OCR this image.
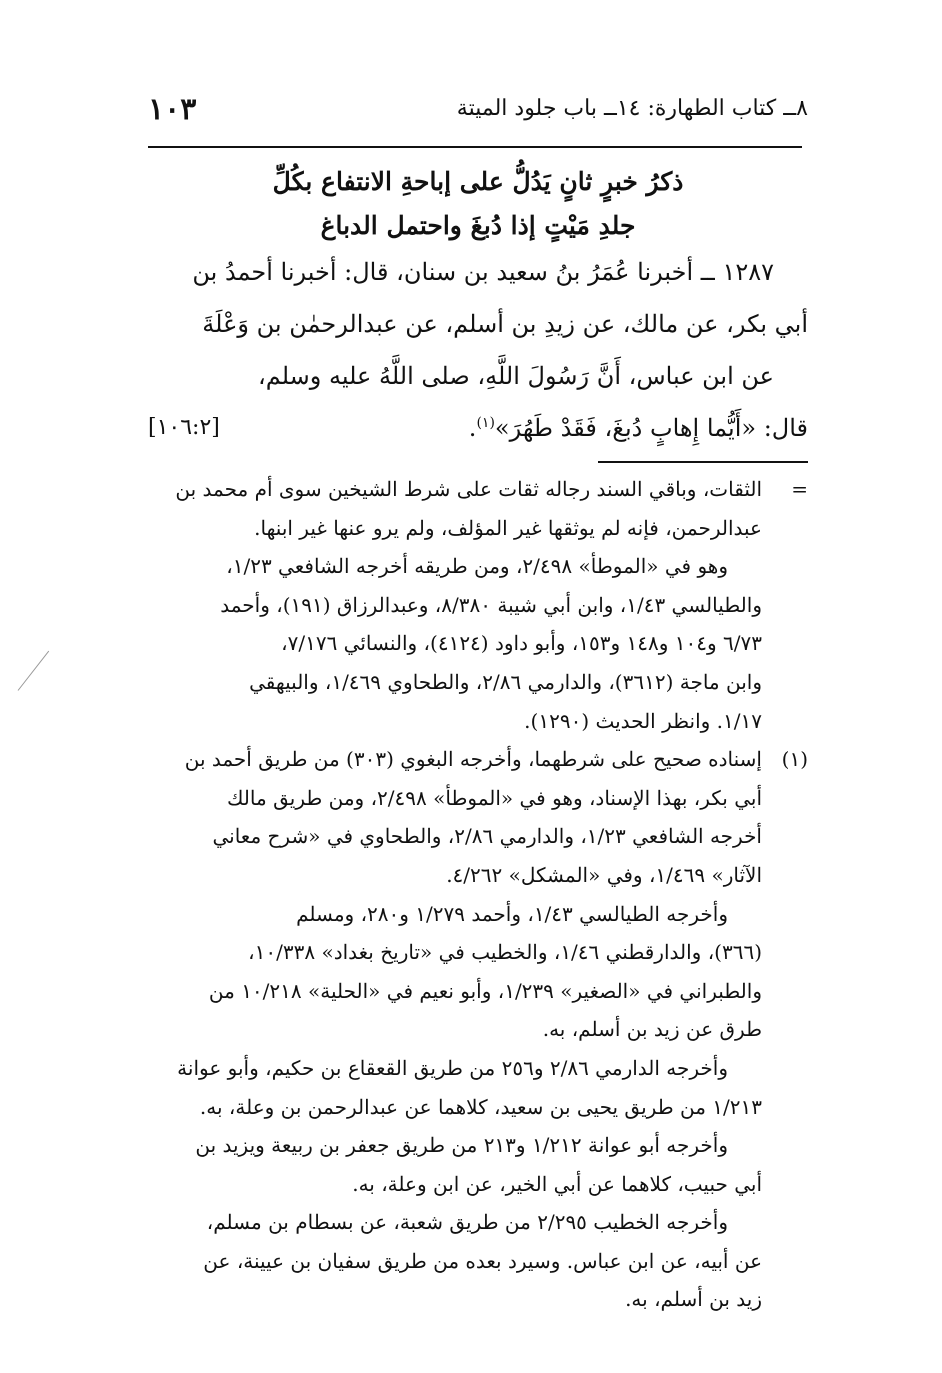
٨ــ كتاب الطهارة: ١٤ــ باب جلود الميتة
١٠٣
ذكرُ خبرٍ ثانٍ يَدُلُّ على إباحةِ الانتفاع بكُلِّ
جلدِ مَيْتٍ إذا دُبغَ واحتمل الدباغ
١٢٨٧ ــ أخبرنا عُمَرُ بنُ سعيد بن سنان، قال: أخبرنا أحمدُ بن
أبي بكر، عن مالك، عن زيدِ بن أسلم، عن عبدالرحمٰن بن وَعْلَةَ
عن ابن عباس، أَنَّ رَسُولَ اللَّهِ، صلى اللَّهُ عليه وسلم،
قال: «أَيُّما إِهابٍ دُبغَ، فَقَدْ طَهُرَ»$^{(١)}$.
[١٠٦:٢]
=
الثقات، وباقي السند رجاله ثقات على شرط الشيخين سوى أم محمد بن
عبدالرحمن، فإنه لم يوثقها غير المؤلف، ولم يرو عنها غير ابنها.
وهو في «الموطأ» ٢/٤٩٨، ومن طريقه أخرجه الشافعي ١/٢٣،
والطيالسي ١/٤٣، وابن أبي شيبة ٨/٣٨٠، وعبدالرزاق (١٩١)، وأحمد
٦/٧٣ و١٠٤ و١٤٨ و١٥٣، وأبو داود (٤١٢٤)، والنسائي ٧/١٧٦،
وابن ماجة (٣٦١٢)، والدارمي ٢/٨٦، والطحاوي ١/٤٦٩، والبيهقي
١/١٧. وانظر الحديث (١٢٩٠).
(١)
إسناده صحيح على شرطهما، وأخرجه البغوي (٣٠٣) من طريق أحمد بن
أبي بكر، بهذا الإسناد، وهو في «الموطأ» ٢/٤٩٨، ومن طريق مالك
أخرجه الشافعي ١/٢٣، والدارمي ٢/٨٦، والطحاوي في «شرح معاني
الآثار» ١/٤٦٩، وفي «المشكل» ٤/٢٦٢.
وأخرجه الطيالسي ١/٤٣، وأحمد ١/٢٧٩ و٢٨٠، ومسلم
(٣٦٦)، والدارقطني ١/٤٦، والخطيب في «تاريخ بغداد» ١٠/٣٣٨،
والطبراني في «الصغير» ١/٢٣٩، وأبو نعيم في «الحلية» ١٠/٢١٨ من
طرق عن زيد بن أسلم، به.
وأخرجه الدارمي ٢/٨٦ و٢٥٦ من طريق القعقاع بن حكيم، وأبو عوانة
١/٢١٣ من طريق يحيى بن سعيد، كلاهما عن عبدالرحمن بن وعلة، به.
وأخرجه أبو عوانة ١/٢١٢ و٢١٣ من طريق جعفر بن ربيعة ويزيد بن
أبي حبيب، كلاهما عن أبي الخير، عن ابن وعلة، به.
وأخرجه الخطيب ٢/٢٩٥ من طريق شعبة، عن بسطام بن مسلم،
عن أبيه، عن ابن عباس. وسيرد بعده من طريق سفيان بن عيينة، عن
زيد بن أسلم، به.
